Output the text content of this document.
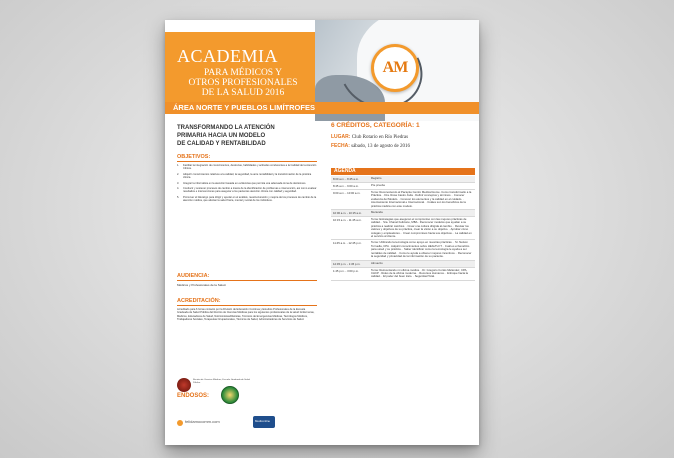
AM
ACADEMIA
PARA MÉDICOS Y
OTROS PROFESIONALES
DE LA SALUD 2016
ÁREA NORTE Y PUEBLOS LIMÍTROFES
TRANSFORMANDO LA ATENCIÓN
PRIMARIA HACIA UN MODELO
DE CALIDAD Y RENTABILIDAD
OBJETIVOS:
1. Facilitar la integración de conocimientos, destrezas, habilidades y actitudes conducentes a la Calidad de la Atención Clínica.
2. Adquirir conocimientos relativos a la calidad, la seguridad, la ante rentabilidad y la transformación de la práctica clínica.
3. Integrar la informática en la atención basada en evidencias que permita una adecuada toma de decisiones.
4. Conducir y sostener procesos de cambio a través de la identificación de problemas e intervención, así como evaluar resultados e intervenciones para asegurar a los pacientes atención clínica con calidad y seguridad.
5. Promover el liderazgo para dirigir y ayudar en el análisis, reestructuración y mejora de los procesos de cambio de la atención médica, que afectan la salud física, mental y social de los individuos.
AUDIENCIA:
Médicos y Profesionales de la Salud.
ACREDITACIÓN:
Acreditado para 6 horas contacto por la División de Educación Continua y Estudios Profesionales de la Escuela Graduada de Salud Pública del Recinto de Ciencias Médicas para los siguientes profesionales de la salud: Enfermeras, Médicos, Educadores de Salud, Nutricionistas/Dietistas, Técnicos de Emergencias Médicas, Tecnólogos Médicos, Trabajadores Sociales, Terapeutas Ocupacionales, Técnicos de Salud, Administradores de Servicios de Salud.
Recinto de Ciencias Médicas, Escuela Graduada de Salud Pública
ENDOSOS:
felidamocomm.com	Mediconline
6 CRÉDITOS, CATEGORÍA: 1
LUGAR: Club Rotario en Río Piedras
FECHA: sábado, 13 de agosto de 2016
AGENDA
8:00 a.m. - 8:45 a.m.	Registro
8:45 a.m. - 9:00 a.m.	Pre prueba
9:00 a.m. - 10:00 a.m.	Tema: Reconociendo al Paciente Centro Medical Home. Como transformarlo a la Práctica. · Dra. Rosa Castro Ávila · Definir conceptos y términos. · Conocer evidencia del Modelo. · Conocer los elementos y la calidad en el cuidado. · Acercamiento Internacional e Internacional. · Cuáles son los beneficios de la práctica médica con este modelo.
10:00 a.m. - 10:15 a.m.	Merienda
10:15 a.m. - 11:45 a.m.	Tema: Estrategias que aseguran el compromiso con las mejores prácticas de calidad. · Sra. Chanel Feliciano, MBA · Reconocer modelos que ayudan a su práctica a realizar cambios. · Crear una cultura dirigida al cambio. · Revisar los valores y objetivos de su práctica, crear la visión a su objetivo. · Aprobar cómo colegas y empleadores. · Crear compromisos hacia sus objetivos. · La calidad en el servicio al cliente.
11:45 a.m. - 12:45 p.m.	Tema: Utilizando la tecnología como apoyo en nuestras prácticas. · Sr. Nelson Torruella, CPA · Adquirir conocimientos sobre HEALTH IT. · Cuál es el beneficio para usted y su práctica. · Saber identificar como la tecnología le ayuda a ser rentables de calidad. · Como le ayuda a obtener mejores incentivos. · Reconocer la seguridad y privacidad de la información de su paciente.
12:45 p.m. - 1:45 p.m.	Almuerzo
1:45 p.m. - 3:00 p.m.	Tema: Reinventando mi oficina médica. · Dr. Gregorio Cortés Meléndez, CPA, CHCP · Roles de la oficina moderna. · Recursos Humanos. · Enfoque hacia la calidad. · El poder del buen trato. · Seguridad Total.
